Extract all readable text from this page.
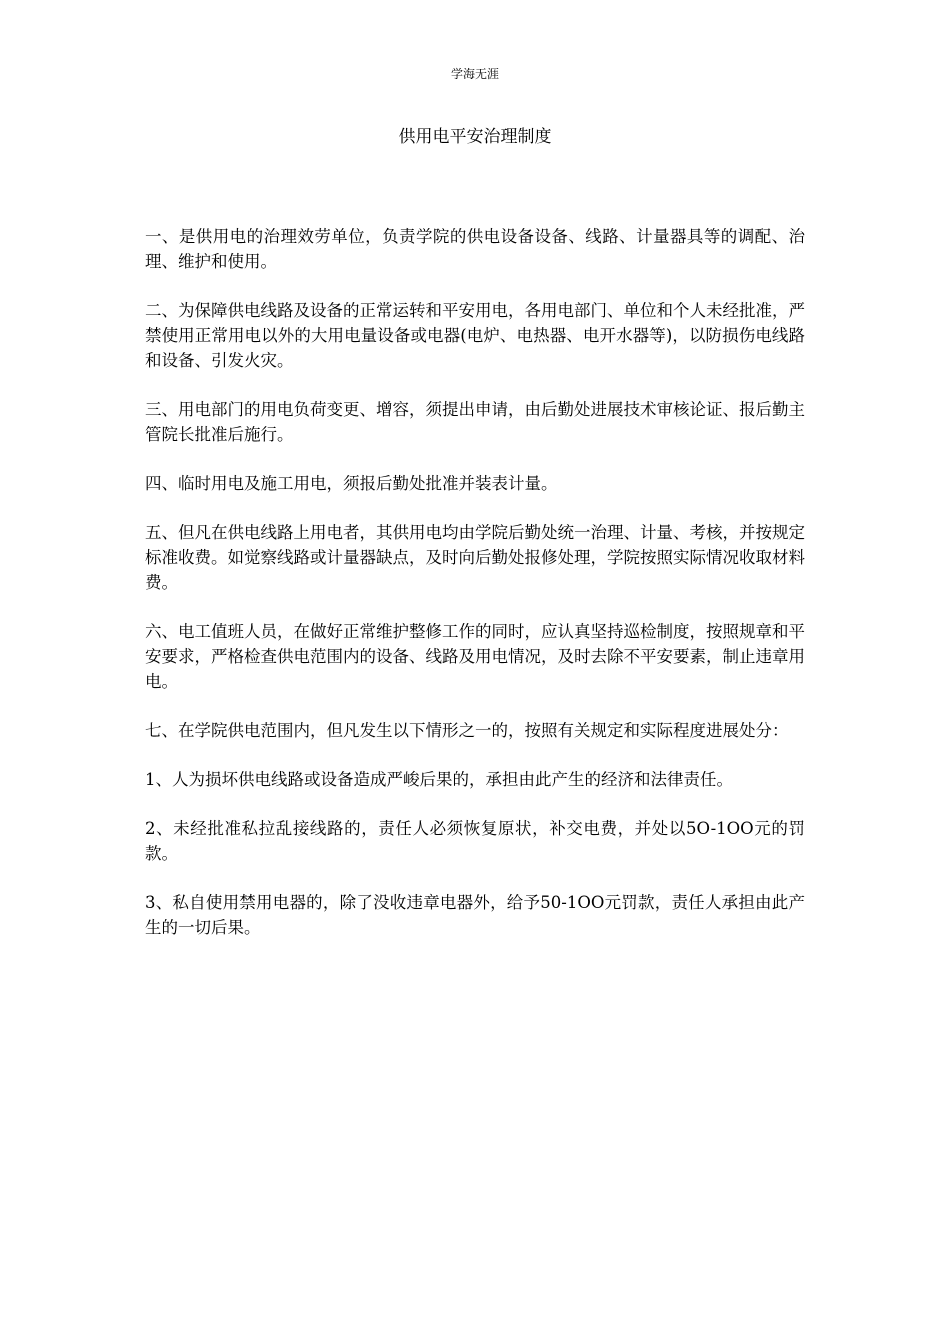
学海无涯
供用电平安治理制度

一、是供用电的治理效劳单位，负责学院的供电设备设备、线路、计量器具等的调配、治理、维护和使用。

二、为保障供电线路及设备的正常运转和平安用电，各用电部门、单位和个人未经批准，严禁使用正常用电以外的大用电量设备或电器(电炉、电热器、电开水器等)，以防损伤电线路和设备、引发火灾。

三、用电部门的用电负荷变更、增容，须提出申请，由后勤处进展技术审核论证、报后勤主管院长批准后施行。

四、临时用电及施工用电，须报后勤处批准并装表计量。

五、但凡在供电线路上用电者，其供用电均由学院后勤处统一治理、计量、考核，并按规定标准收费。如觉察线路或计量器缺点，及时向后勤处报修处理，学院按照实际情况收取材料费。

六、电工值班人员，在做好正常维护整修工作的同时，应认真坚持巡检制度，按照规章和平安要求，严格检查供电范围内的设备、线路及用电情况，及时去除不平安要素，制止违章用电。

七、在学院供电范围内，但凡发生以下情形之一的，按照有关规定和实际程度进展处分：

1、人为损坏供电线路或设备造成严峻后果的，承担由此产生的经济和法律责任。

2、未经批准私拉乱接线路的，责任人必须恢复原状，补交电费，并处以5O-1OO元的罚款。

3、私自使用禁用电器的，除了没收违章电器外，给予50-1OO元罚款，责任人承担由此产生的一切后果。
